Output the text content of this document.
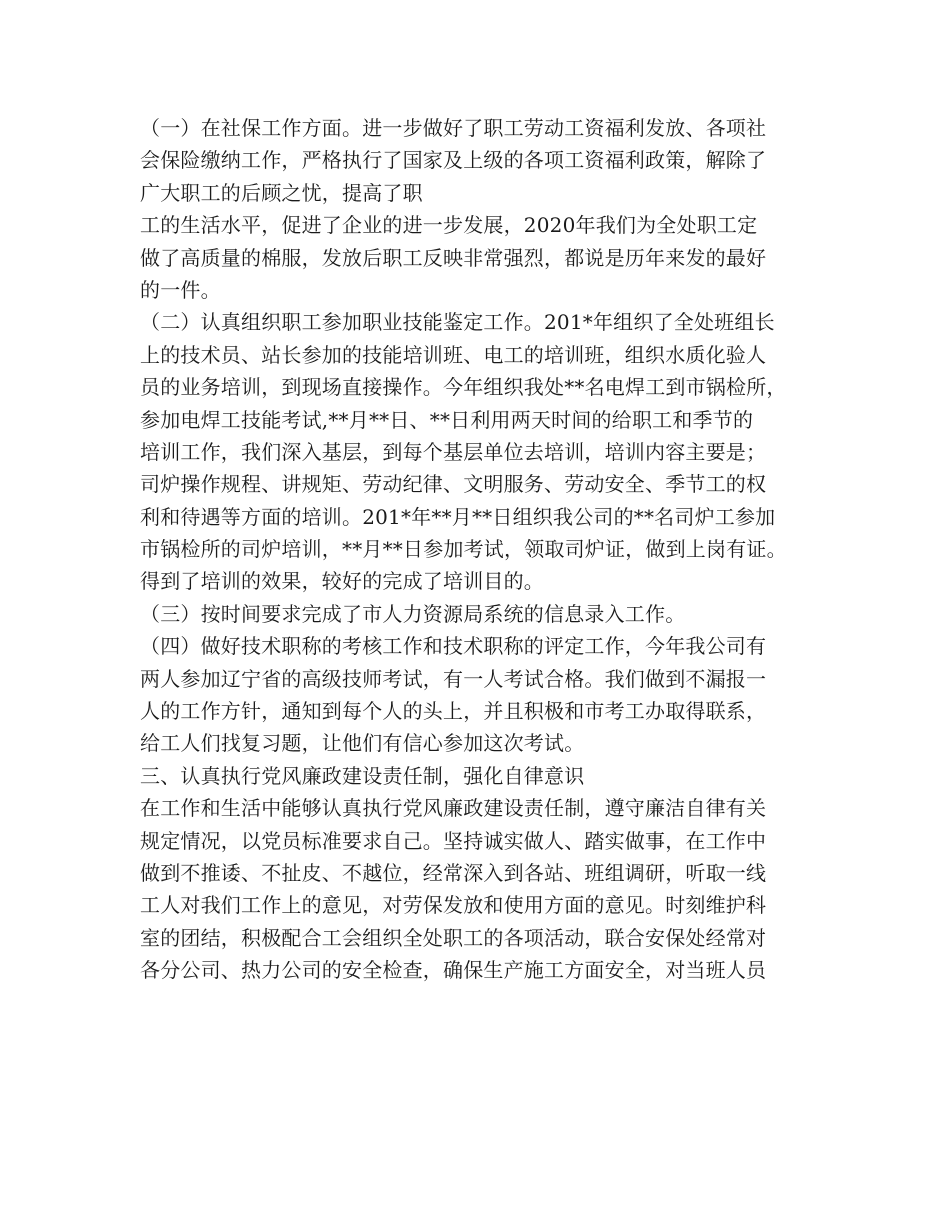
（一）在社保工作方面。进一步做好了职工劳动工资福利发放、各项社
会保险缴纳工作，严格执行了国家及上级的各项工资福利政策，解除了
广大职工的后顾之忧，提高了职
工的生活水平，促进了企业的进一步发展，2020年我们为全处职工定
做了高质量的棉服，发放后职工反映非常强烈，都说是历年来发的最好
的一件。
（二）认真组织职工参加职业技能鉴定工作。201*年组织了全处班组长
上的技术员、站长参加的技能培训班、电工的培训班，组织水质化验人
员的业务培训，到现场直接操作。今年组织我处**名电焊工到市锅检所，
参加电焊工技能考试,**月**日、**日利用两天时间的给职工和季节的
培训工作，我们深入基层，到每个基层单位去培训，培训内容主要是；
司炉操作规程、讲规矩、劳动纪律、文明服务、劳动安全、季节工的权
利和待遇等方面的培训。201*年**月**日组织我公司的**名司炉工参加
市锅检所的司炉培训，**月**日参加考试，领取司炉证，做到上岗有证。
得到了培训的效果，较好的完成了培训目的。
（三）按时间要求完成了市人力资源局系统的信息录入工作。
（四）做好技术职称的考核工作和技术职称的评定工作，今年我公司有
两人参加辽宁省的高级技师考试，有一人考试合格。我们做到不漏报一
人的工作方针，通知到每个人的头上，并且积极和市考工办取得联系，
给工人们找复习题，让他们有信心参加这次考试。
三、认真执行党风廉政建设责任制，强化自律意识
在工作和生活中能够认真执行党风廉政建设责任制，遵守廉洁自律有关
规定情况，以党员标准要求自己。坚持诚实做人、踏实做事，在工作中
做到不推诿、不扯皮、不越位，经常深入到各站、班组调研，听取一线
工人对我们工作上的意见，对劳保发放和使用方面的意见。时刻维护科
室的团结，积极配合工会组织全处职工的各项活动，联合安保处经常对
各分公司、热力公司的安全检查，确保生产施工方面安全，对当班人员
